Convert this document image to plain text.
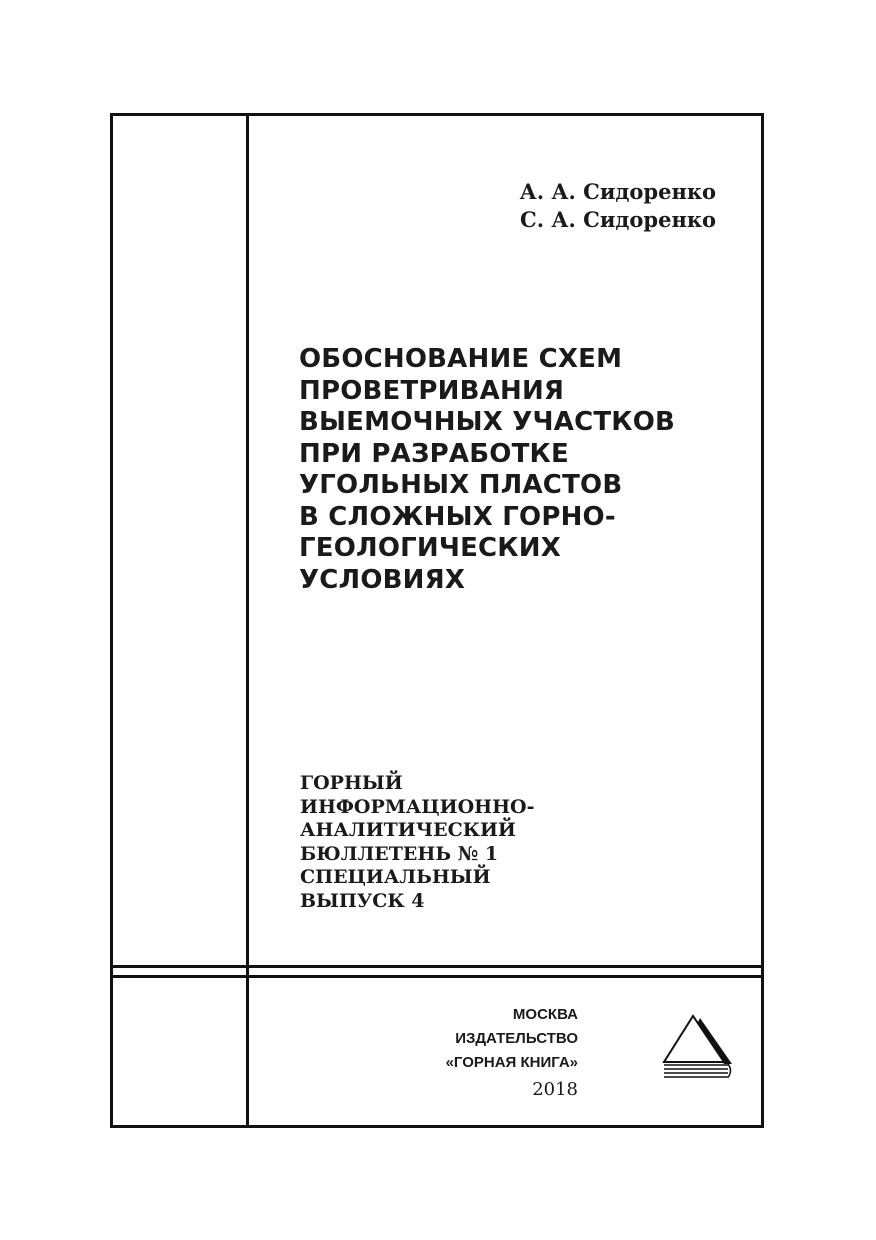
А. А. Сидоренко
С. А. Сидоренко
ОБОСНОВАНИЕ СХЕМ
ПРОВЕТРИВАНИЯ
ВЫЕМОЧНЫХ УЧАСТКОВ
ПРИ РАЗРАБОТКЕ
УГОЛЬНЫХ ПЛАСТОВ
В СЛОЖНЫХ ГОРНО-
ГЕОЛОГИЧЕСКИХ
УСЛОВИЯХ
ГОРНЫЙ
ИНФОРМАЦИОННО-
АНАЛИТИЧЕСКИЙ
БЮЛЛЕТЕНЬ № 1
СПЕЦИАЛЬНЫЙ
ВЫПУСК 4
МОСКВА
ИЗДАТЕЛЬСТВО
«ГОРНАЯ КНИГА»
2018
